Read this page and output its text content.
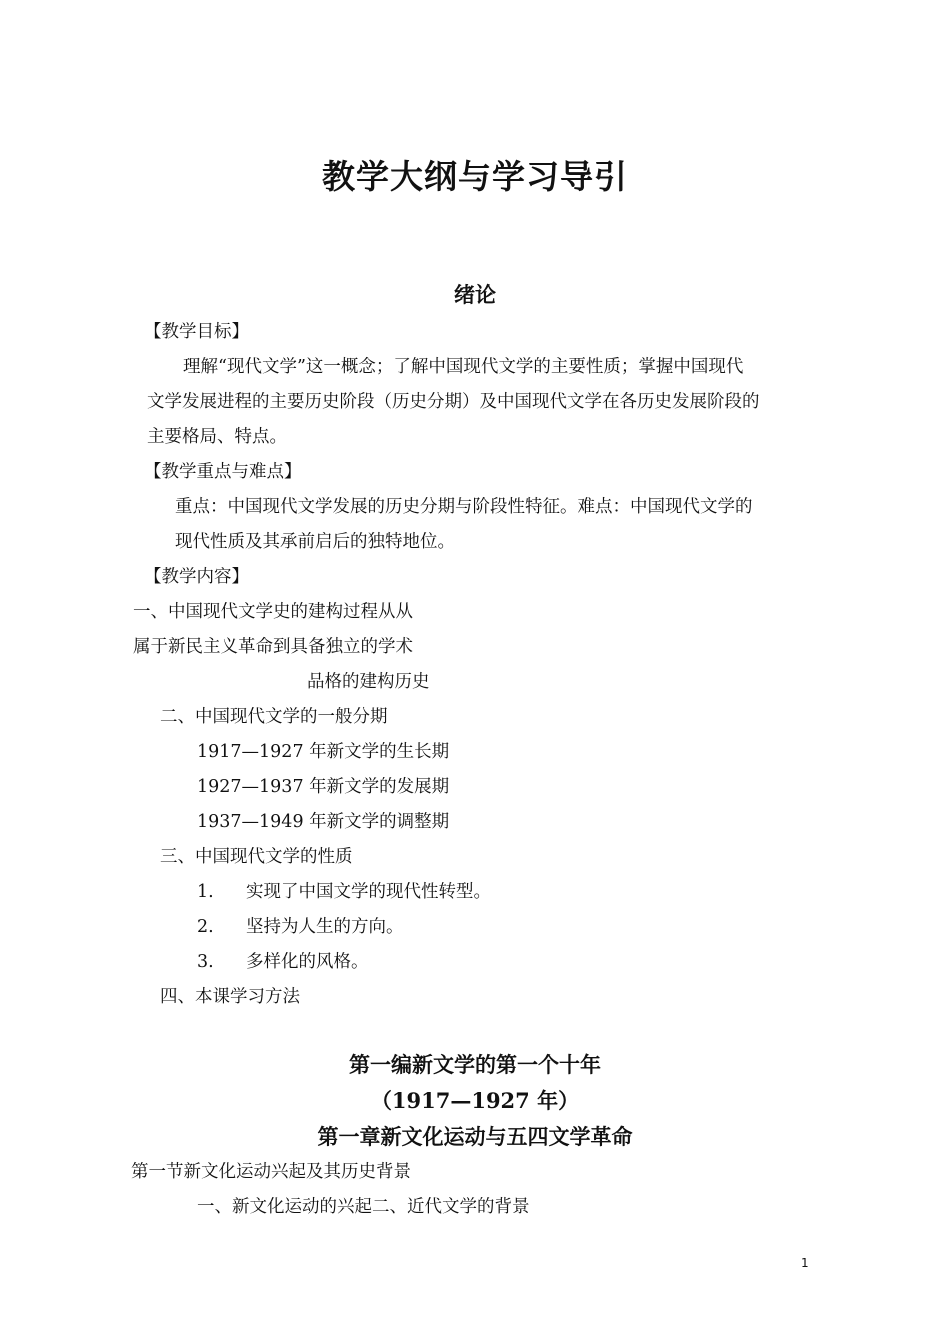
教学大纲与学习导引
绪论

【教学目标】

理解“现代文学”这一概念；了解中国现代文学的主要性质；掌握中国现代

文学发展进程的主要历史阶段（历史分期）及中国现代文学在各历史发展阶段的

主要格局、特点。

【教学重点与难点】

重点：中国现代文学发展的历史分期与阶段性特征。难点：中国现代文学的

现代性质及其承前启后的独特地位。

【教学内容】

一、中国现代文学史的建构过程从从

属于新民主义革命到具备独立的学术

品格的建构历史

二、中国现代文学的一般分期

1917—1927 年新文学的生长期

1927—1937 年新文学的发展期

1937—1949 年新文学的调整期

三、中国现代文学的性质

1. 实现了中国文学的现代性转型。

2. 坚持为人生的方向。

3. 多样化的风格。

四、本课学习方法

第一编新文学的第一个十年
（1917—1927 年）
第一章新文化运动与五四文学革命

第一节新文化运动兴起及其历史背景

一、新文化运动的兴起二、近代文学的背景

1
